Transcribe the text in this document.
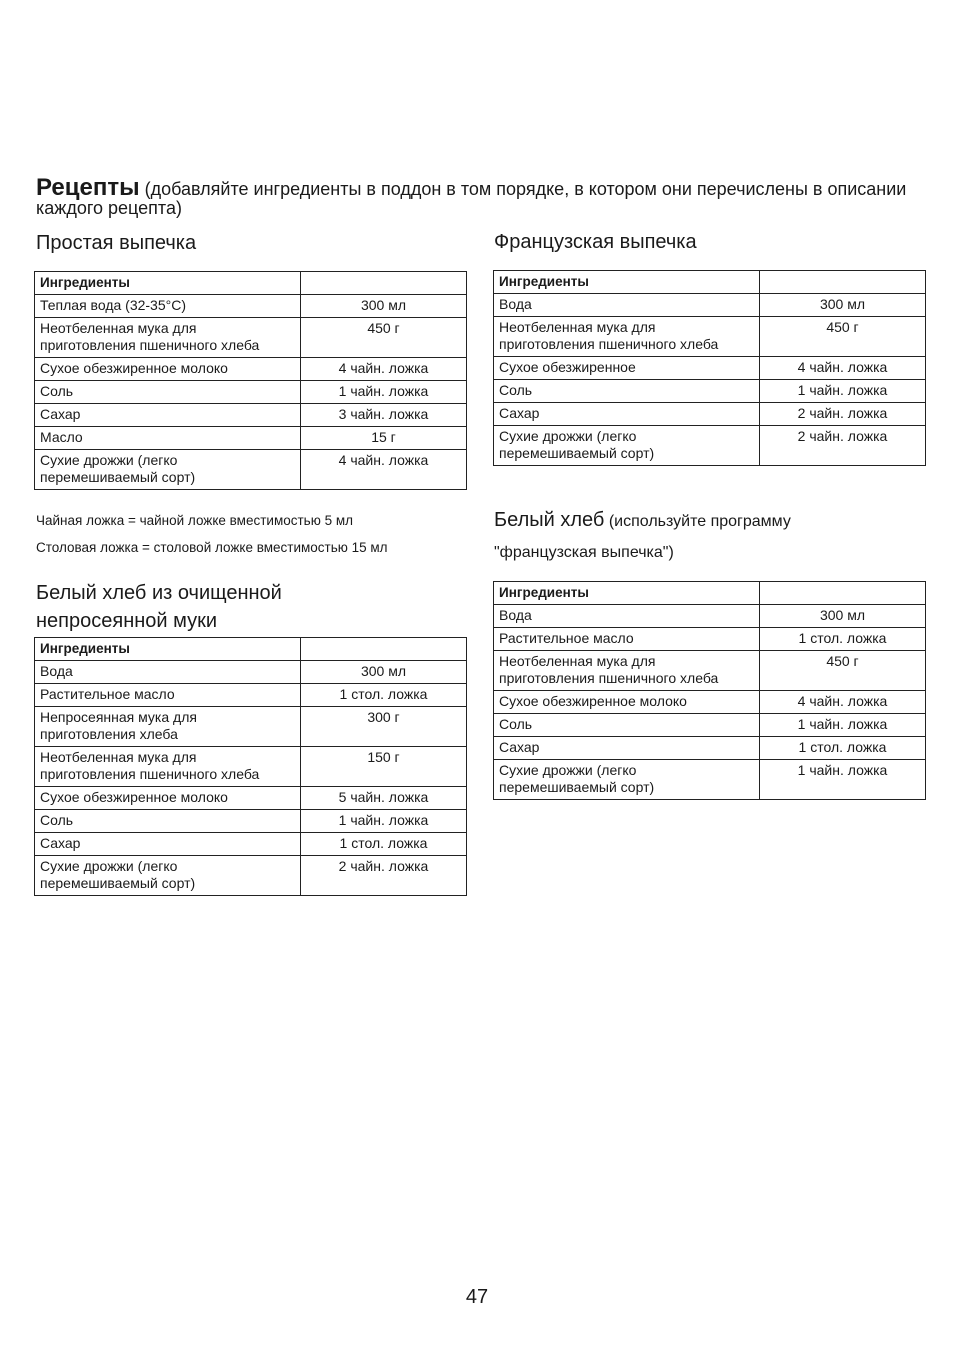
Рецепты (добавляйте ингредиенты в поддон в том порядке, в котором они перечислены в описании каждого рецепта)
Простая выпечка
Ингредиенты	
Теплая вода (32-35°C)	300 мл
Неотбеленная мука для приготовления пшеничного хлеба	450 г
Сухое обезжиренное молоко	4 чайн. ложка
Соль	1 чайн. ложка
Сахар	3 чайн. ложка
Масло	15 г
Сухие дрожжи (легко перемешиваемый сорт)	4 чайн. ложка

Чайная ложка = чайной ложке вместимостью 5 мл

Столовая ложка = столовой ложке вместимостью 15 мл

Белый хлеб из очищенной
непросеянной муки
Ингредиенты	
Вода	300 мл
Растительное масло	1 стол. ложка
Непросеянная мука для приготовления хлеба	300 г
Неотбеленная мука для приготовления пшеничного хлеба	150 г
Сухое обезжиренное молоко	5 чайн. ложка
Соль	1 чайн. ложка
Сахар	1 стол. ложка
Сухие дрожжи (легко перемешиваемый сорт)	2 чайн. ложка
Французская выпечка
Ингредиенты	
Вода	300 мл
Неотбеленная мука для приготовления пшеничного хлеба	450 г
Сухое обезжиренное	4 чайн. ложка
Соль	1 чайн. ложка
Сахар	2 чайн. ложка
Сухие дрожжи (легко перемешиваемый сорт)	2 чайн. ложка
Белый хлеб (используйте программу

"французская выпечка")

Ингредиенты	
Вода	300 мл
Растительное масло	1 стол. ложка
Неотбеленная мука для приготовления пшеничного хлеба	450 г
Сухое обезжиренное молоко	4 чайн. ложка
Соль	1 чайн. ложка
Сахар	1 стол. ложка
Сухие дрожжи (легко перемешиваемый сорт)	1 чайн. ложка
47
